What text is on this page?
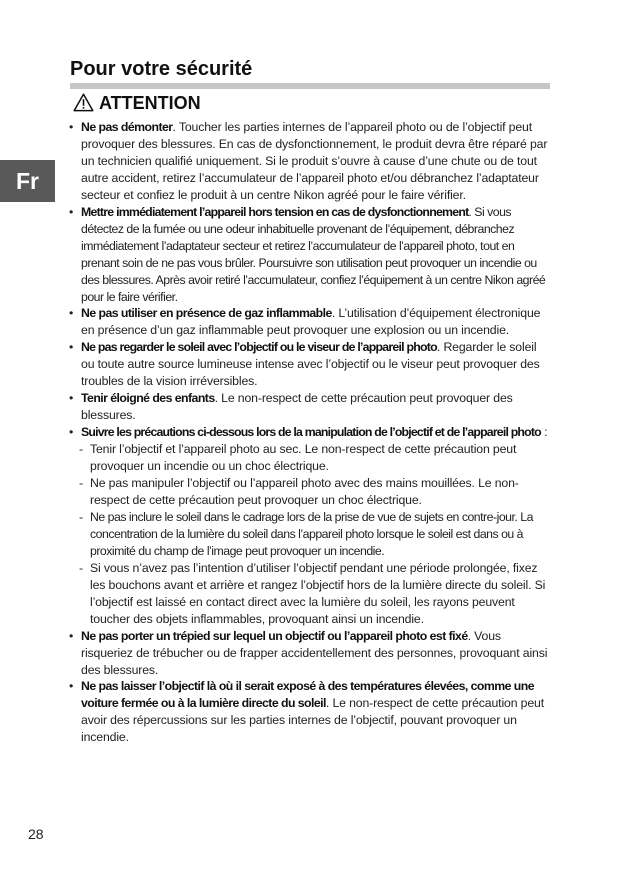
Fr
Pour votre sécurité
ATTENTION
• Ne pas démonter. Toucher les parties internes de l’appareil photo ou de l’objectif peut provoquer des blessures. En cas de dysfonctionnement, le produit devra être réparé par un technicien qualifié uniquement. Si le produit s’ouvre à cause d’une chute ou de tout autre accident, retirez l’accumulateur de l’appareil photo et/ou débranchez l’adaptateur secteur et confiez le produit à un centre Nikon agréé pour le faire vérifier.
• Mettre immédiatement l’appareil hors tension en cas de dysfonctionnement. Si vous détectez de la fumée ou une odeur inhabituelle provenant de l’équipement, débranchez immédiatement l’adaptateur secteur et retirez l’accumulateur de l’appareil photo, tout en prenant soin de ne pas vous brûler. Poursuivre son utilisation peut provoquer un incendie ou des blessures. Après avoir retiré l’accumulateur, confiez l’équipement à un centre Nikon agréé pour le faire vérifier.
• Ne pas utiliser en présence de gaz inflammable. L’utilisation d’équipement électronique en présence d’un gaz inflammable peut provoquer une explosion ou un incendie.
• Ne pas regarder le soleil avec l’objectif ou le viseur de l’appareil photo. Regarder le soleil ou toute autre source lumineuse intense avec l’objectif ou le viseur peut provoquer des troubles de la vision irréversibles.
• Tenir éloigné des enfants. Le non-respect de cette précaution peut provoquer des blessures.
• Suivre les précautions ci-dessous lors de la manipulation de l’objectif et de l’appareil photo :
- Tenir l’objectif et l’appareil photo au sec. Le non-respect de cette précaution peut provoquer un incendie ou un choc électrique.
- Ne pas manipuler l’objectif ou l’appareil photo avec des mains mouillées. Le non-respect de cette précaution peut provoquer un choc électrique.
- Ne pas inclure le soleil dans le cadrage lors de la prise de vue de sujets en contre-jour. La concentration de la lumière du soleil dans l’appareil photo lorsque le soleil est dans ou à proximité du champ de l’image peut provoquer un incendie.
- Si vous n’avez pas l’intention d’utiliser l’objectif pendant une période prolongée, fixez les bouchons avant et arrière et rangez l’objectif hors de la lumière directe du soleil. Si l’objectif est laissé en contact direct avec la lumière du soleil, les rayons peuvent toucher des objets inflammables, provoquant ainsi un incendie.
• Ne pas porter un trépied sur lequel un objectif ou l’appareil photo est fixé. Vous risqueriez de trébucher ou de frapper accidentellement des personnes, provoquant ainsi des blessures.
• Ne pas laisser l’objectif là où il serait exposé à des températures élevées, comme une voiture fermée ou à la lumière directe du soleil. Le non-respect de cette précaution peut avoir des répercussions sur les parties internes de l’objectif, pouvant provoquer un incendie.
28
